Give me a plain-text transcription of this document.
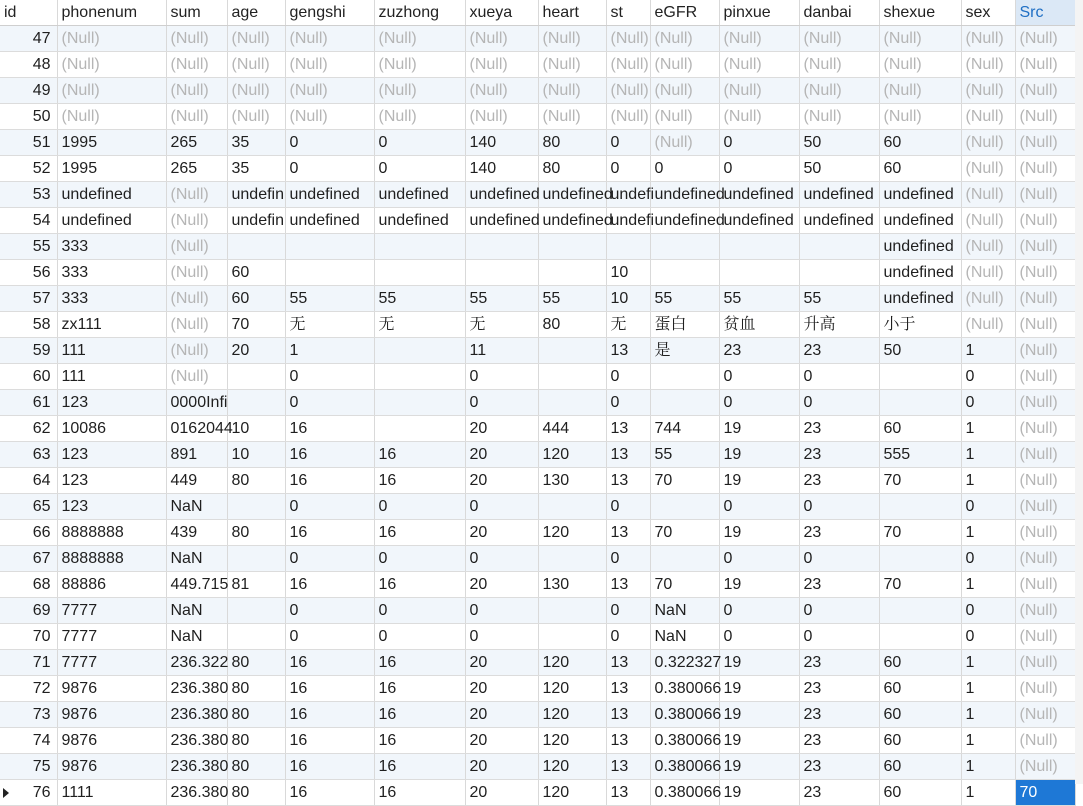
id	phonenum	sum	age	gengshi	zuzhong	xueya	heart	st	eGFR	pinxue	danbai	shexue	sex	Src
47	(Null)	(Null)	(Null)	(Null)	(Null)	(Null)	(Null)	(Null)	(Null)	(Null)	(Null)	(Null)	(Null)	(Null)
48	(Null)	(Null)	(Null)	(Null)	(Null)	(Null)	(Null)	(Null)	(Null)	(Null)	(Null)	(Null)	(Null)	(Null)
49	(Null)	(Null)	(Null)	(Null)	(Null)	(Null)	(Null)	(Null)	(Null)	(Null)	(Null)	(Null)	(Null)	(Null)
50	(Null)	(Null)	(Null)	(Null)	(Null)	(Null)	(Null)	(Null)	(Null)	(Null)	(Null)	(Null)	(Null)	(Null)
51	1995	265	35	0	0	140	80	0	(Null)	0	50	60	(Null)	(Null)
52	1995	265	35	0	0	140	80	0	0	0	50	60	(Null)	(Null)
53	undefined	(Null)	undefin	undefined	undefined	undefined	undefined	undefi	undefined	undefined	undefined	undefined	(Null)	(Null)
54	undefined	(Null)	undefin	undefined	undefined	undefined	undefined	undefi	undefined	undefined	undefined	undefined	(Null)	(Null)
55	333	(Null)										undefined	(Null)	(Null)
56	333	(Null)	60					10				undefined	(Null)	(Null)
57	333	(Null)	60	55	55	55	55	10	55	55	55	undefined	(Null)	(Null)
58	zx111	(Null)	70	无	无	无	80	无	蛋白	贫血	升高	小于	(Null)	(Null)
59	111	(Null)	20	1		11		13	是	23	23	50	1	(Null)
60	111	(Null)		0		0		0		0	0		0	(Null)
61	123	0000Infi		0		0		0		0	0		0	(Null)
62	10086	0162044	10	16		20	444	13	744	19	23	60	1	(Null)
63	123	891	10	16	16	20	120	13	55	19	23	555	1	(Null)
64	123	449	80	16	16	20	130	13	70	19	23	70	1	(Null)
65	123	NaN		0	0	0		0		0	0		0	(Null)
66	8888888	439	80	16	16	20	120	13	70	19	23	70	1	(Null)
67	8888888	NaN		0	0	0		0		0	0		0	(Null)
68	88886	449.715	81	16	16	20	130	13	70	19	23	70	1	(Null)
69	7777	NaN		0	0	0		0	NaN	0	0		0	(Null)
70	7777	NaN		0	0	0		0	NaN	0	0		0	(Null)
71	7777	236.322	80	16	16	20	120	13	0.322327	19	23	60	1	(Null)
72	9876	236.380	80	16	16	20	120	13	0.380066	19	23	60	1	(Null)
73	9876	236.380	80	16	16	20	120	13	0.380066	19	23	60	1	(Null)
74	9876	236.380	80	16	16	20	120	13	0.380066	19	23	60	1	(Null)
75	9876	236.380	80	16	16	20	120	13	0.380066	19	23	60	1	(Null)
76	1111	236.380	80	16	16	20	120	13	0.380066	19	23	60	1	70
